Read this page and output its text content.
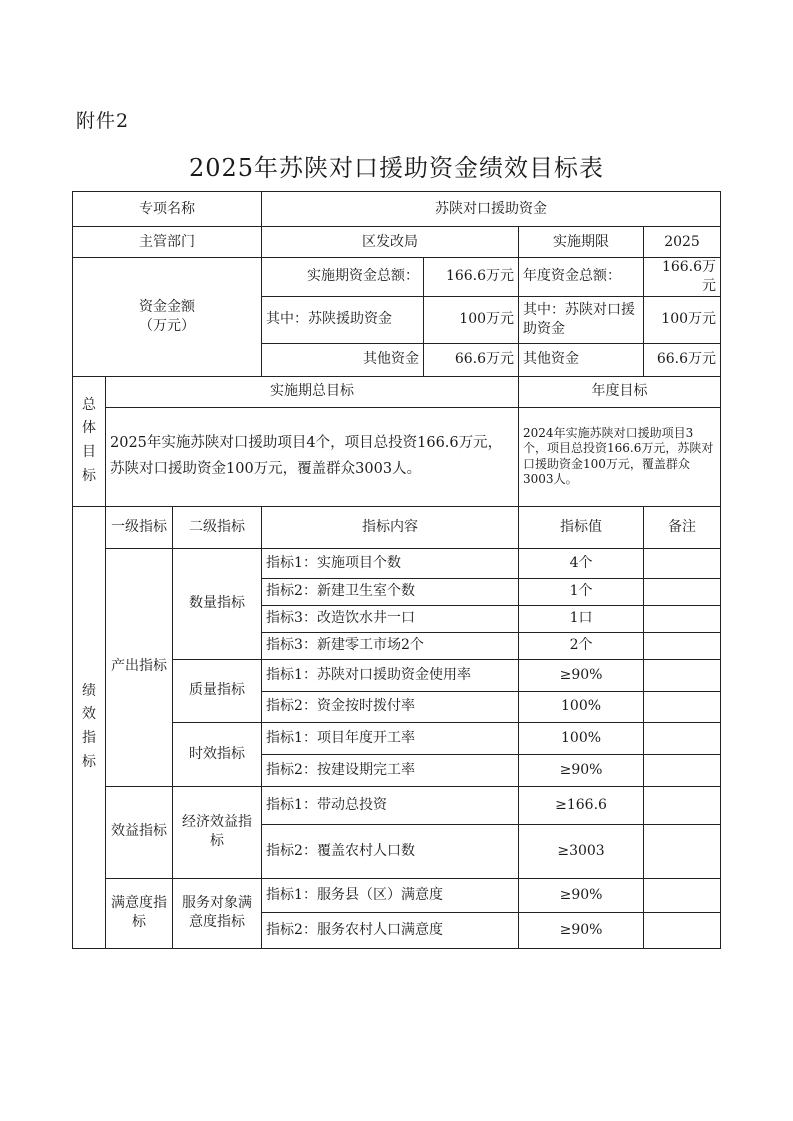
附件2
2025年苏陕对口援助资金绩效目标表
专项名称			苏陕对口援助资金			
主管部门			区发改局		实施期限	2025

资金金额
（万元）			实施期资金总额：	166.6万元	年度资金总额：	166.6万元
			其中：苏陕援助资金	100万元	其中：苏陕对口援助资金	100万元
			其他资金	66.6万元	其他资金	66.6万元
总体目标	实施期总目标				年度目标	
	2025年实施苏陕对口援助项目4个，项目总投资166.6万元，苏陕对口援助资金100万元，覆盖群众3003人。				2024年实施苏陕对口援助项目3个，项目总投资166.6万元，苏陕对口援助资金100万元，覆盖群众3003人。	
绩效指标	一级指标	二级指标	指标内容		指标值	备注
	产出指标	数量指标	指标1：实施项目个数		4个	
			指标2：新建卫生室个数		1个	
			指标3：改造饮水井一口		1口	
			指标3：新建零工市场2个		2个	
		质量指标	指标1：苏陕对口援助资金使用率		≥90%	
			指标2：资金按时拨付率		100%	
		时效指标	指标1：项目年度开工率		100%	
			指标2：按建设期完工率		≥90%	
	效益指标	经济效益指标	指标1：带动总投资		≥166.6	
			指标2：覆盖农村人口数		≥3003	
	满意度指标	服务对象满意度指标	指标1：服务县（区）满意度		≥90%	
			指标2：服务农村人口满意度		≥90%	
